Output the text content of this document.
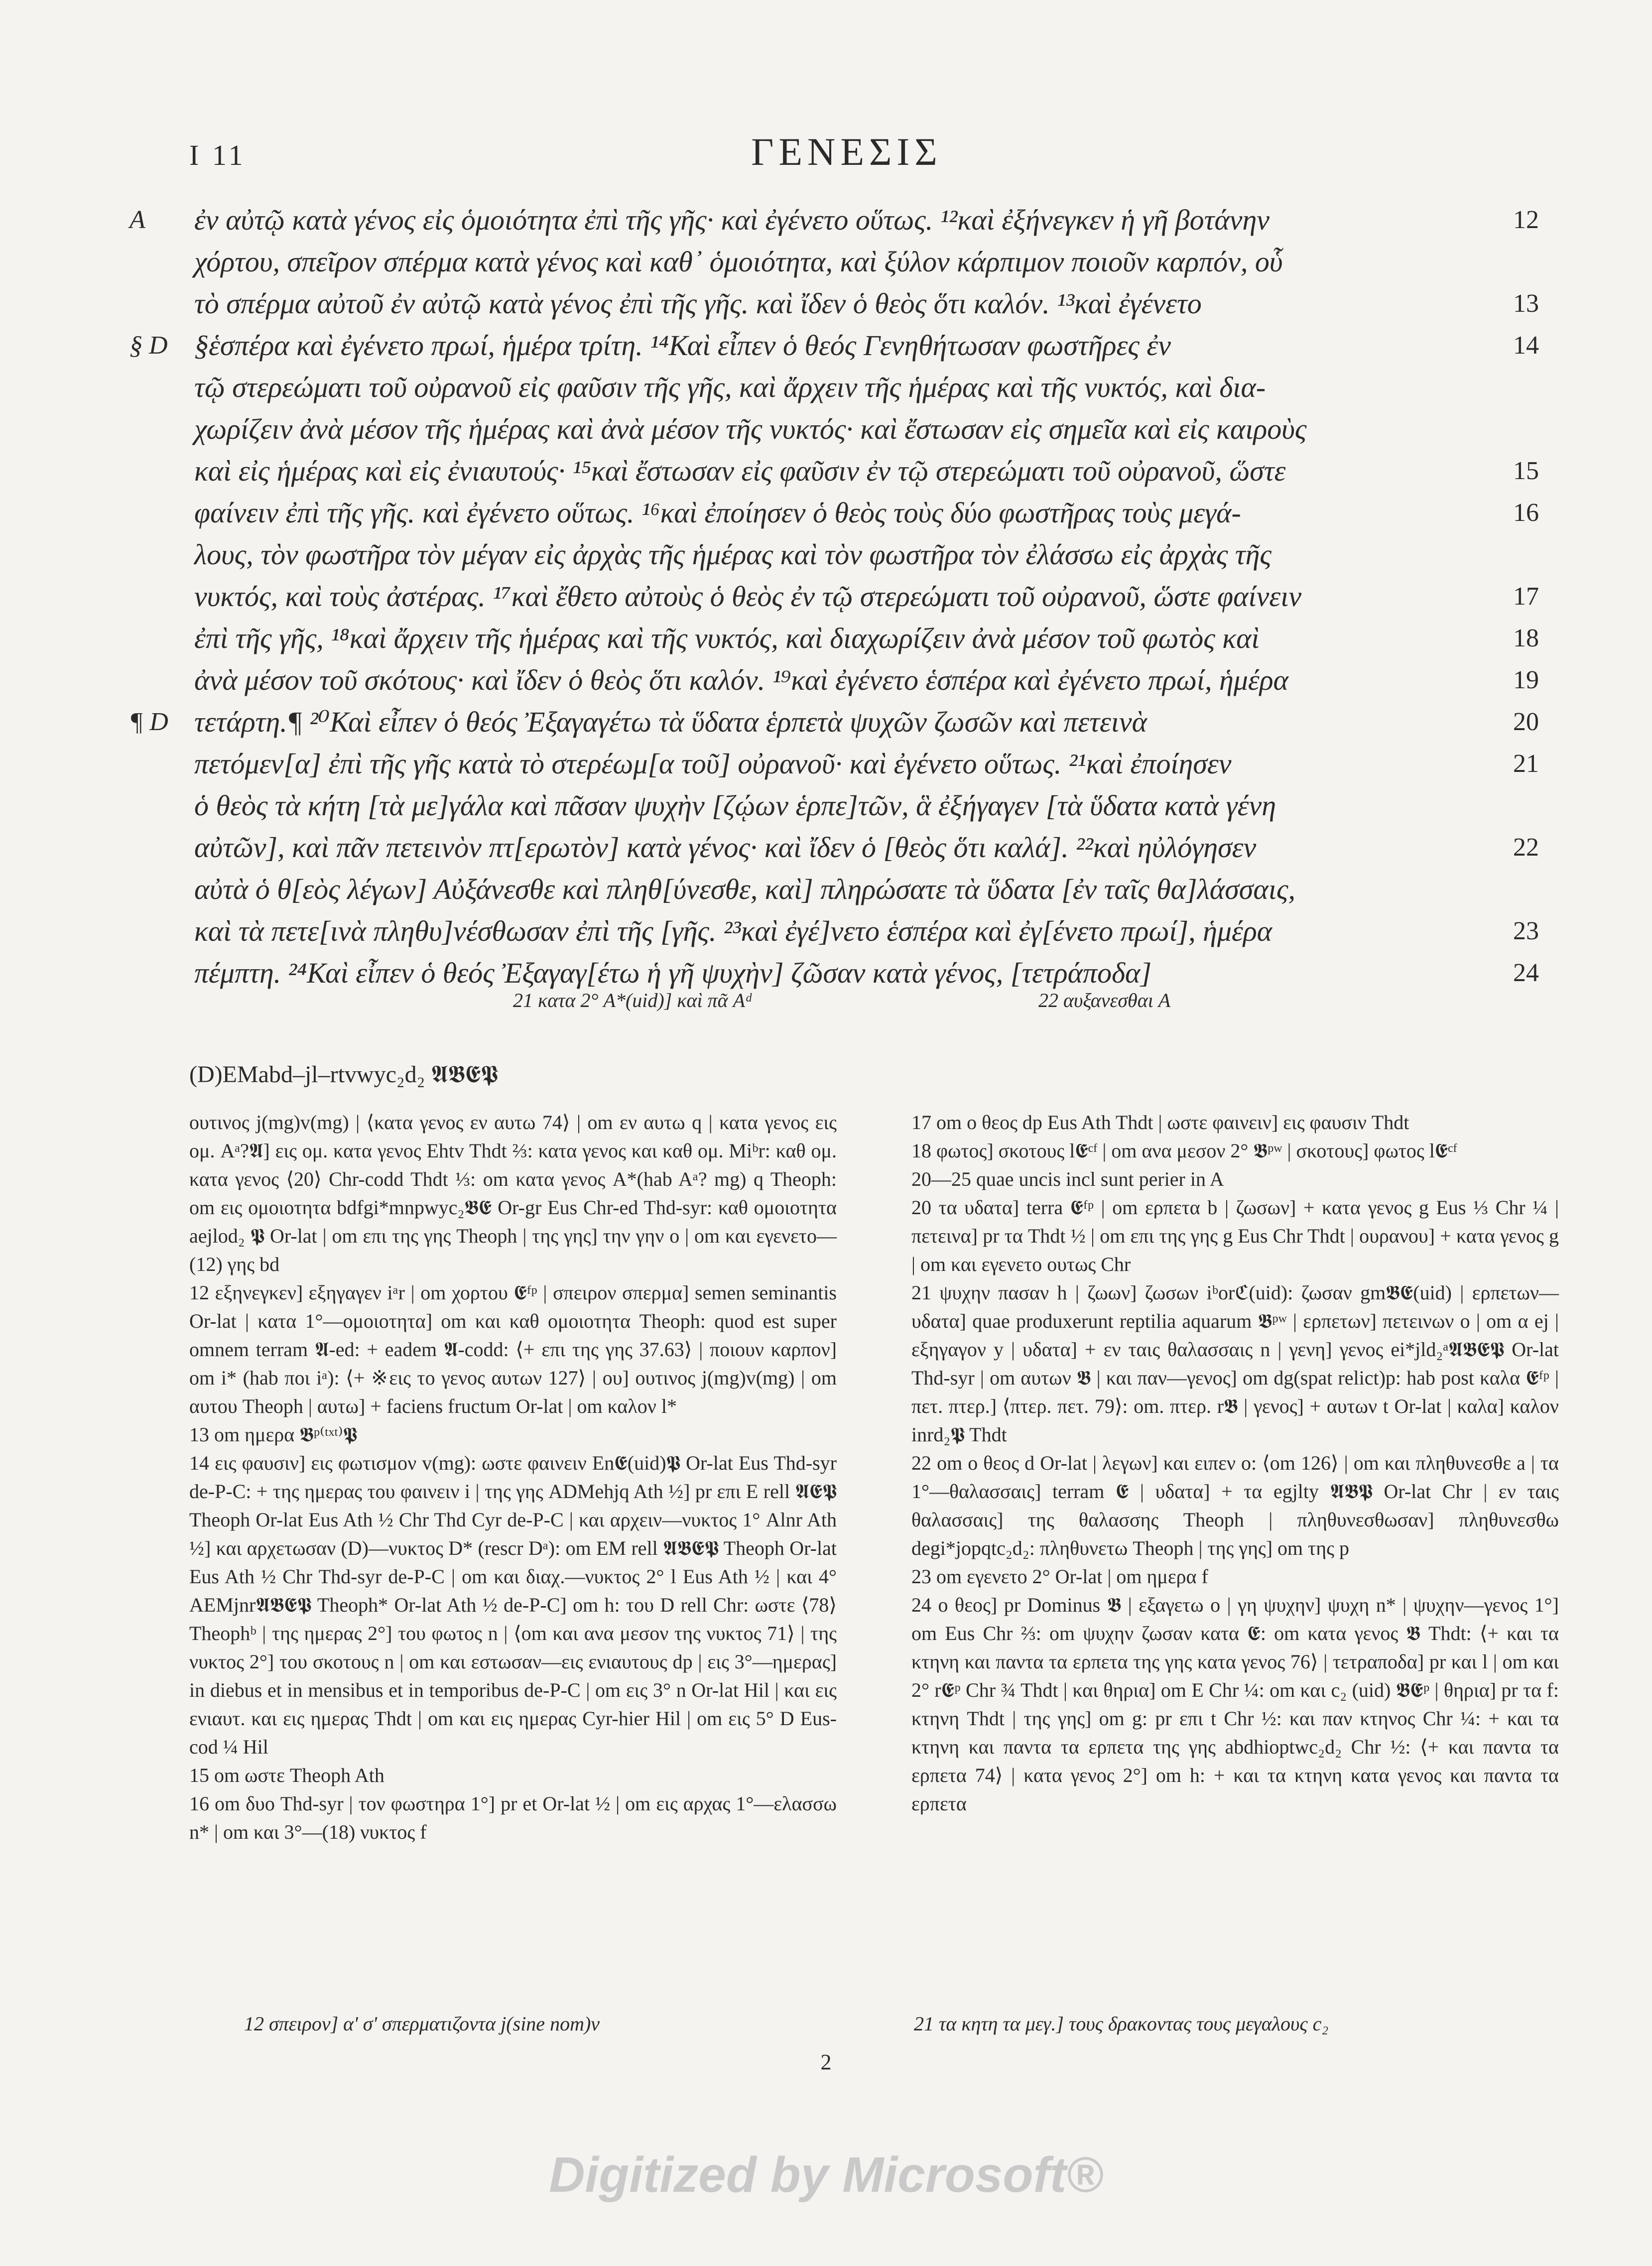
I 11	ΓΕΝΕΣΙΣ
A ἐν αὐτῷ κατὰ γένος εἰς ὁμοιότητα ἐπὶ τῆς γῆς· καὶ ἐγένετο οὕτως. ¹²καὶ ἐξήνεγκεν ἡ γῆ βοτάνην	12
χόρτου, σπεῖρον σπέρμα κατὰ γένος καὶ καθ᾽ ὁμοιότητα, καὶ ξύλον κάρπιμον ποιοῦν καρπόν, οὗ
τὸ σπέρμα αὐτοῦ ἐν αὐτῷ κατὰ γένος ἐπὶ τῆς γῆς. καὶ ἴδεν ὁ θεὸς ὅτι καλόν. ¹³καὶ ἐγένετο	13
§ D §ἑσπέρα καὶ ἐγένετο πρωί, ἡμέρα τρίτη. ¹⁴Καὶ εἶπεν ὁ θεός Γενηθήτωσαν φωστῆρες ἐν	14
τῷ στερεώματι τοῦ οὐρανοῦ εἰς φαῦσιν τῆς γῆς, καὶ ἄρχειν τῆς ἡμέρας καὶ τῆς νυκτός, καὶ δια-
χωρίζειν ἀνὰ μέσον τῆς ἡμέρας καὶ ἀνὰ μέσον τῆς νυκτός· καὶ ἔστωσαν εἰς σημεῖα καὶ εἰς καιροὺς
καὶ εἰς ἡμέρας καὶ εἰς ἐνιαυτούς· ¹⁵καὶ ἔστωσαν εἰς φαῦσιν ἐν τῷ στερεώματι τοῦ οὐρανοῦ, ὥστε	15
φαίνειν ἐπὶ τῆς γῆς. καὶ ἐγένετο οὕτως. ¹⁶καὶ ἐποίησεν ὁ θεὸς τοὺς δύο φωστῆρας τοὺς μεγά-	16
λους, τὸν φωστῆρα τὸν μέγαν εἰς ἀρχὰς τῆς ἡμέρας καὶ τὸν φωστῆρα τὸν ἐλάσσω εἰς ἀρχὰς τῆς
νυκτός, καὶ τοὺς ἀστέρας. ¹⁷καὶ ἔθετο αὐτοὺς ὁ θεὸς ἐν τῷ στερεώματι τοῦ οὐρανοῦ, ὥστε φαίνειν	17
ἐπὶ τῆς γῆς, ¹⁸καὶ ἄρχειν τῆς ἡμέρας καὶ τῆς νυκτός, καὶ διαχωρίζειν ἀνὰ μέσον τοῦ φωτὸς καὶ	18
ἀνὰ μέσον τοῦ σκότους· καὶ ἴδεν ὁ θεὸς ὅτι καλόν. ¹⁹καὶ ἐγένετο ἑσπέρα καὶ ἐγένετο πρωί, ἡμέρα	19
¶ D τετάρτη.¶ ²⁰Καὶ εἶπεν ὁ θεός Ἐξαγαγέτω τὰ ὕδατα ἑρπετὰ ψυχῶν ζωσῶν καὶ πετεινὰ	20
πετόμεν[α] ἐπὶ τῆς γῆς κατὰ τὸ στερέωμ[α τοῦ] οὐρανοῦ· καὶ ἐγένετο οὕτως. ²¹καὶ ἐποίησεν	21
ὁ θεὸς τὰ κήτη [τὰ με]γάλα καὶ πᾶσαν ψυχὴν [ζῴων ἑρπε]τῶν, ἃ ἐξήγαγεν [τὰ ὕδατα κατὰ γένη
αὐτῶν], καὶ πᾶν πετεινὸν πτ[ερωτὸν] κατὰ γένος· καὶ ἴδεν ὁ [θεὸς ὅτι καλά]. ²²καὶ ηὐλόγησεν	22
αὐτὰ ὁ θ[εὸς λέγων] Αὐξάνεσθε καὶ πληθ[ύνεσθε, καὶ] πληρώσατε τὰ ὕδατα [ἐν ταῖς θα]λάσσαις,
καὶ τὰ πετε[ινὰ πληθυ]νέσθωσαν ἐπὶ τῆς [γῆς. ²³καὶ ἐγέ]νετο ἑσπέρα καὶ ἐγ[ένετο πρωί], ἡμέρα	23
πέμπτη. ²⁴Καὶ εἶπεν ὁ θεός Ἐξαγαγ[έτω ἡ γῆ ψυχὴν] ζῶσαν κατὰ γένος, [τετράποδα]	24
21 κατα 2° A*(uid)] καὶ πᾶ Aᵈ	22 αυξανεσθαι A
(D)EMabd–jl–rtvwyc₂d₂ 𝕬𝕭𝕰𝕻

ουτινος j(mg)v(mg) | ⟨κατα γενος εν αυτω 74⟩ | om εν αυτω q | κατα γενος εις ομ. Aᵃ?𝕬] εις ομ. κατα γενος Ehtv Thdt ⅔: κατα γενος και καθ ομ. Miᵇr: καθ ομ. κατα γενος ⟨20⟩ Chr-codd Thdt ⅓: om κατα γενος A*(hab Aᵃ? mg) q Theoph: om εις ομοιοτητα bdfgi*mnpwyc₂𝕭𝕰 Or-gr Eus Chr-ed Thd-syr: καθ ομοιοτητα aejlod₂ 𝕻 Or-lat | om επι της γης Theoph | της γης] την γην o | om και εγενετο—(12) γης bd

12 εξηνεγκεν] εξηγαγεν iᵃr | om χορτου 𝕰ᶠᵖ | σπειρον σπερμα] semen seminantis Or-lat | κατα 1°—ομοιοτητα] om και καθ ομοιοτητα Theoph: quod est super omnem terram 𝕬-ed: + eadem 𝕬-codd: ⟨+ επι της γης 37.63⟩ | ποιουν καρπον] om i* (hab ποι iᵃ): ⟨+ ※εις το γενος αυτων 127⟩ | ου] ουτινος j(mg)v(mg) | om αυτου Theoph | αυτω] + faciens fructum Or-lat | om καλον l*

13 om ημερα 𝕭ᵖ⁽ᵗˣᵗ⁾𝕻

14 εις φαυσιν] εις φωτισμον v(mg): ωστε φαινειν En𝕰(uid)𝕻 Or-lat Eus Thd-syr de-P-C: + της ημερας του φαινειν i | της γης ADMehjq Ath ½] pr επι E rell 𝕬𝕰𝕻 Theoph Or-lat Eus Ath ½ Chr Thd Cyr de-P-C | και αρχειν—νυκτος 1° Alnr Ath ½] και αρχετωσαν (D)—νυκτος D* (rescr Dᵃ): om EM rell 𝕬𝕭𝕰𝕻 Theoph Or-lat Eus Ath ½ Chr Thd-syr de-P-C | om και διαχ.—νυκτος 2° l Eus Ath ½ | και 4° AEMjnr𝕬𝕭𝕰𝕻 Theoph* Or-lat Ath ½ de-P-C] om h: του D rell Chr: ωστε ⟨78⟩ Theophᵇ | της ημερας 2°] του φωτος n | ⟨om και ανα μεσον της νυκτος 71⟩ | της νυκτος 2°] του σκοτους n | om και εστωσαν—εις ενιαυτους dp | εις 3°—ημερας] in diebus et in mensibus et in temporibus de-P-C | om εις 3° n Or-lat Hil | και εις ενιαυτ. και εις ημερας Thdt | om και εις ημερας Cyr-hier Hil | om εις 5° D Eus-cod ¼ Hil

15 om ωστε Theoph Ath

16 om δυο Thd-syr | τον φωστηρα 1°] pr et Or-lat ½ | om εις αρχας 1°—ελασσω n* | om και 3°—(18) νυκτος f

17 om ο θεος dp Eus Ath Thdt | ωστε φαινειν] εις φαυσιν Thdt

18 φωτος] σκοτους l𝕰ᶜᶠ | om ανα μεσον 2° 𝕭ᵖʷ | σκοτους] φωτος l𝕰ᶜᶠ

20—25 quae uncis incl sunt perier in A

20 τα υδατα] terra 𝕰ᶠᵖ | om ερπετα b | ζωσων] + κατα γενος g Eus ⅓ Chr ¼ | πετεινα] pr τα Thdt ½ | om επι της γης g Eus Chr Thdt | ουρανου] + κατα γενος g | om και εγενετο ουτως Chr

21 ψυχην πασαν h | ζωων] ζωσων iᵇorℭ(uid): ζωσαν gm𝕭𝕰(uid) | ερπετων—υδατα] quae produxerunt reptilia aquarum 𝕭ᵖʷ | ερπετων] πετεινων o | om α ej | εξηγαγον y | υδατα] + εν ταις θαλασσαις n | γενη] γενος ei*jld₂ᵃ𝕬𝕭𝕰𝕻 Or-lat Thd-syr | om αυτων 𝕭 | και παν—γενος] om dg(spat relict)p: hab post καλα 𝕰ᶠᵖ | πετ. πτερ.] ⟨πτερ. πετ. 79⟩: om. πτερ. r𝕭 | γενος] + αυτων t Or-lat | καλα] καλον inrd₂𝕻 Thdt

22 om ο θεος d Or-lat | λεγων] και ειπεν o: ⟨om 126⟩ | om και πληθυνεσθε a | τα 1°—θαλασσαις] terram 𝕰 | υδατα] + τα egjlty 𝕬𝕭𝕻 Or-lat Chr | εν ταις θαλασσαις] της θαλασσης Theoph | πληθυνεσθωσαν] πληθυνεσθω degi*jopqtc₂d₂: πληθυνετω Theoph | της γης] om της p

23 om εγενετο 2° Or-lat | om ημερα f

24 ο θεος] pr Dominus 𝕭 | εξαγετω o | γη ψυχην] ψυχη n* | ψυχην—γενος 1°] om Eus Chr ⅔: om ψυχην ζωσαν κατα 𝕰: om κατα γενος 𝕭 Thdt: ⟨+ και τα κτηνη και παντα τα ερπετα της γης κατα γενος 76⟩ | τετραποδα] pr και l | om και 2° r𝕰ᵖ Chr ¾ Thdt | και θηρια] om E Chr ¼: om και c₂ (uid) 𝕭𝕰ᵖ | θηρια] pr τα f: κτηνη Thdt | της γης] om g: pr επι t Chr ½: και παν κτηνος Chr ¼: + και τα κτηνη και παντα τα ερπετα της γης abdhioptwc₂d₂ Chr ½: ⟨+ και παντα τα ερπετα 74⟩ | κατα γενος 2°] om h: + και τα κτηνη κατα γενος και παντα τα ερπετα

12 σπειρον] α' σ' σπερματιζοντα j(sine nom)v	21 τα κητη τα μεγ.] τους δρακοντας τους μεγαλους c₂
2
Digitized by Microsoft®
